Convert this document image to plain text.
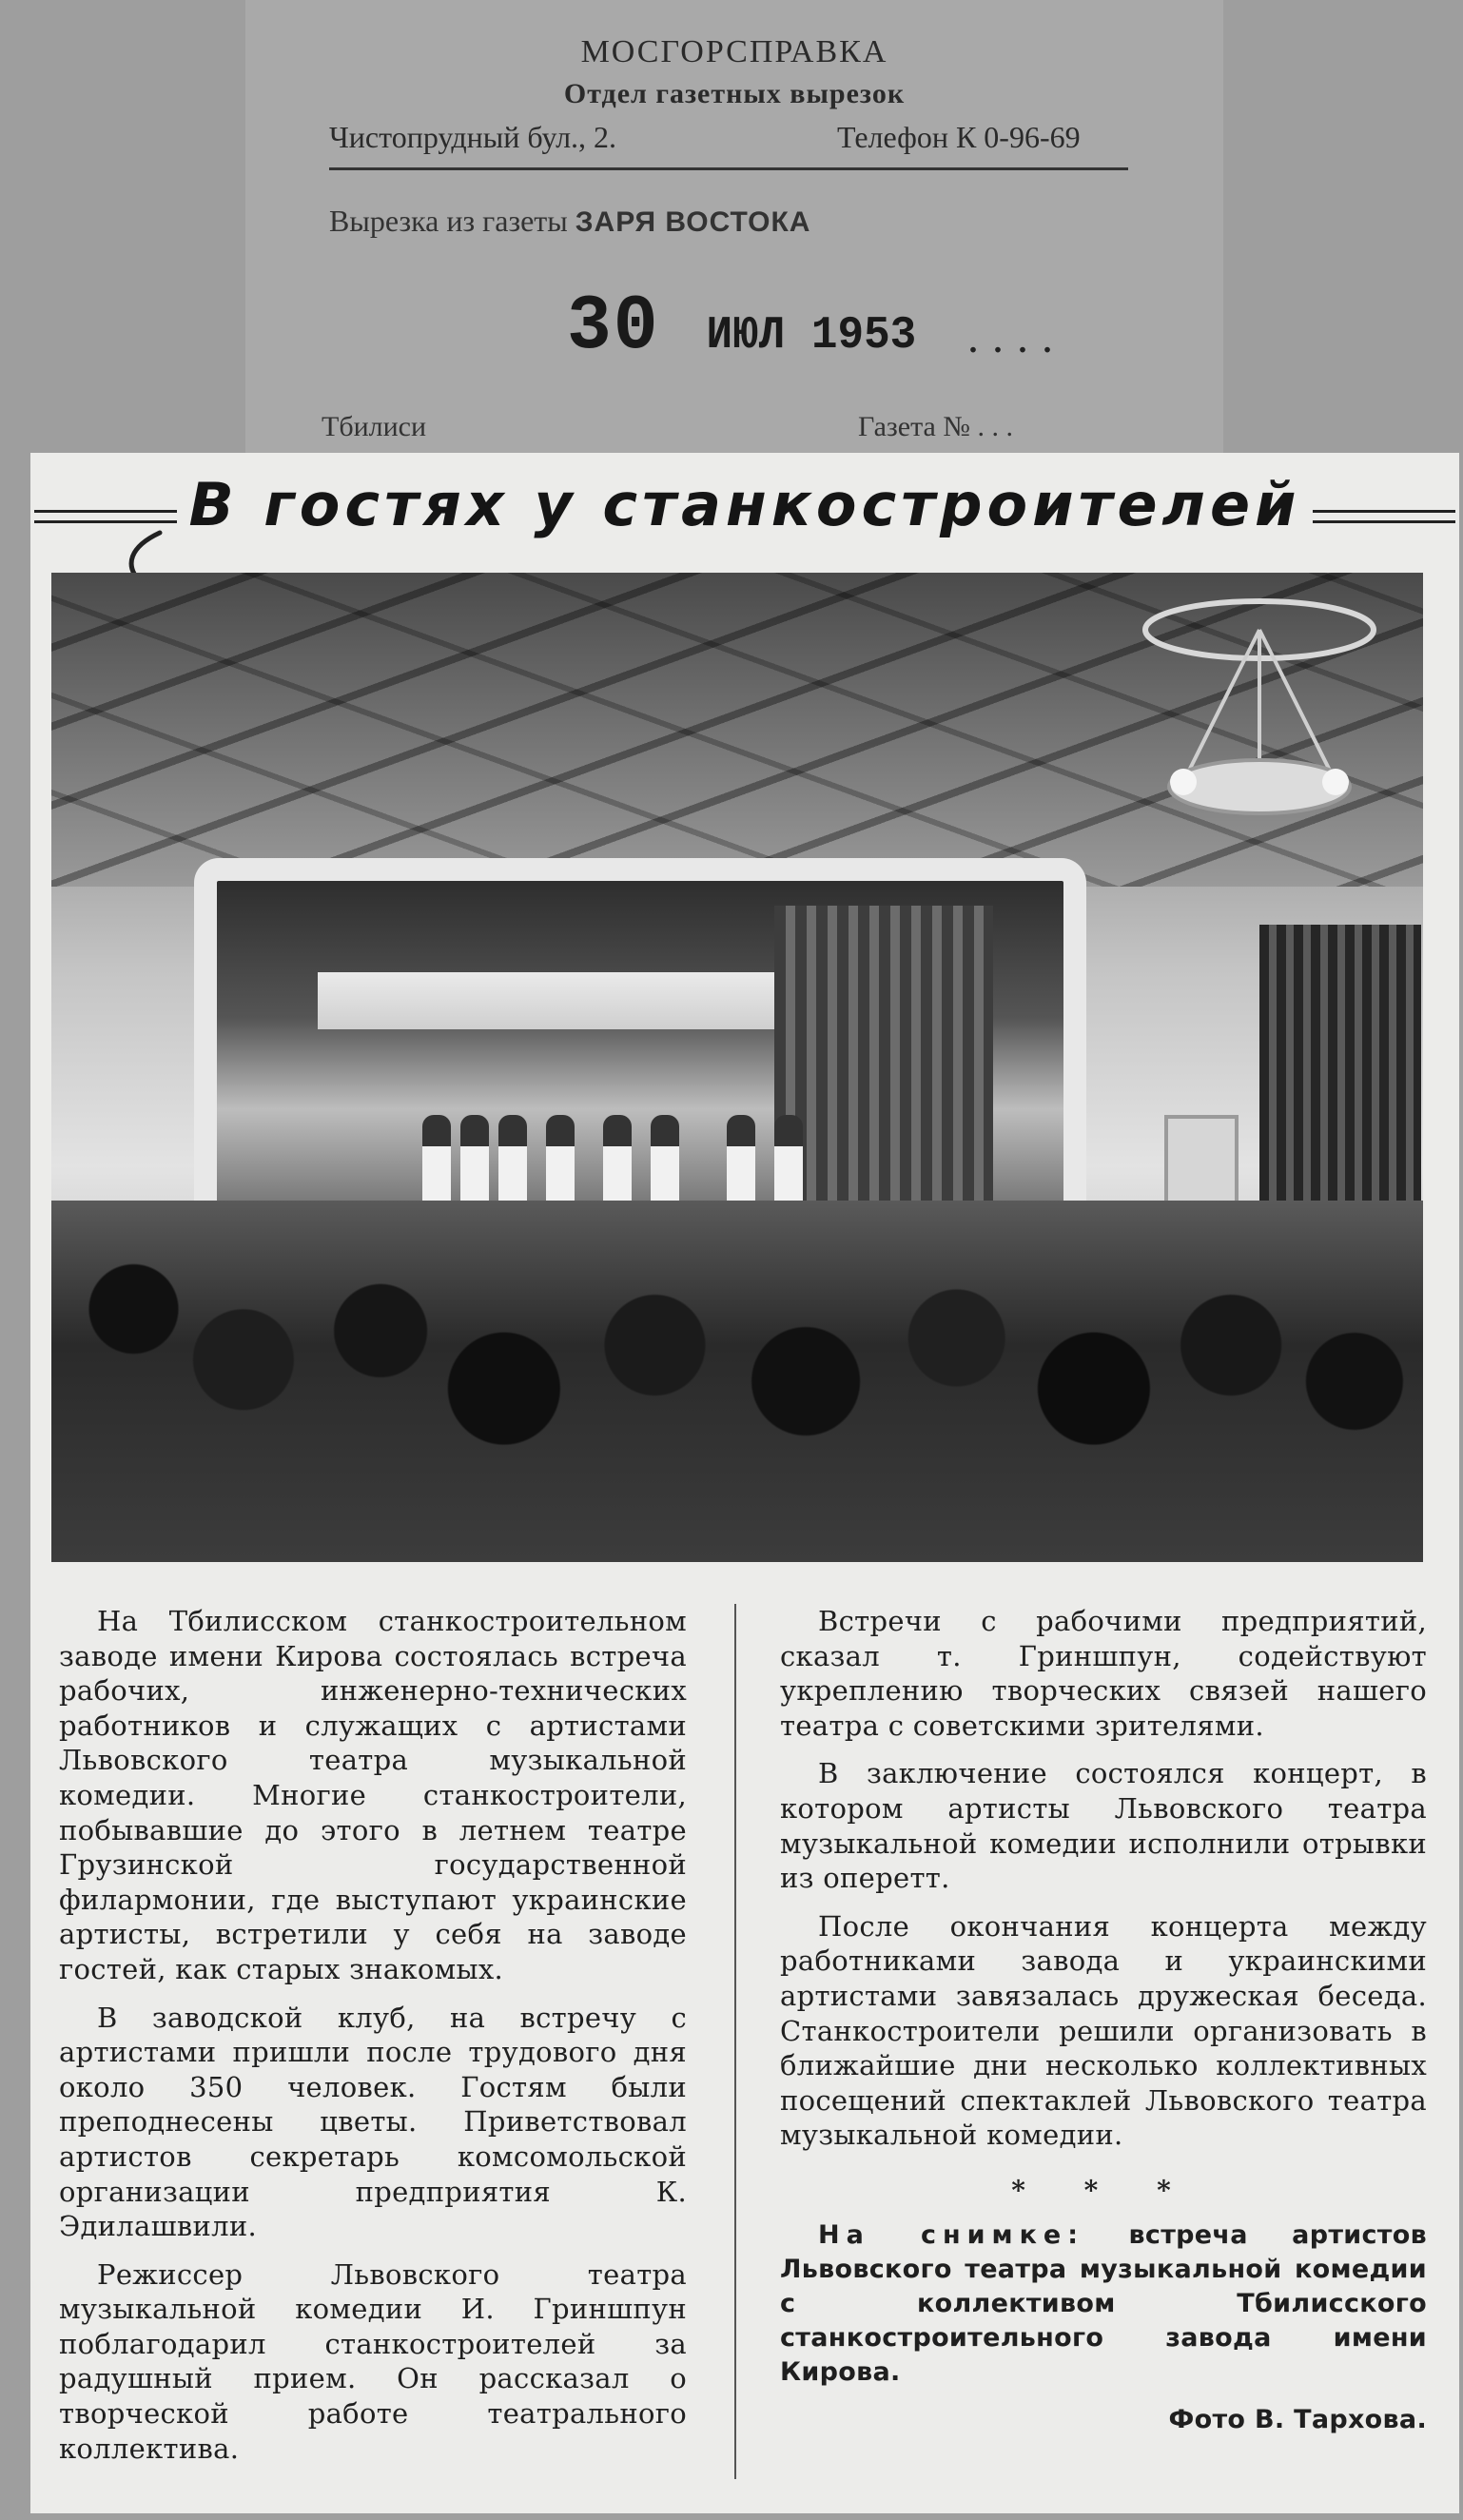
МОСГОРСПРАВКА
Отдел газетных вырезок
Чистопрудный бул., 2.	Телефон К 0-96-69
Вырезка из газеты ЗАРЯ ВОСТОКА
30 ИЮЛ 1953 ....
Тбилиси	Газета № . . .
В гостях у станкостроителей

На Тбилисском станкостроительном заводе имени Кирова состоялась встреча рабочих, инженерно-технических работников и служащих с артистами Львовского театра музыкальной комедии. Многие станкостроители, побывавшие до этого в летнем театре Грузинской государственной филармонии, где выступают украинские артисты, встретили у себя на заводе гостей, как старых знакомых.

В заводской клуб, на встречу с артистами пришли после трудового дня около 350 человек. Гостям были преподнесены цветы. Приветствовал артистов секретарь комсомольской организации предприятия К. Эдилашвили.

Режиссер Львовского театра музыкальной комедии И. Гриншпун поблагодарил станкостроителей за радушный прием. Он рассказал о творческой работе театрального коллектива.

Встречи с рабочими предприятий, сказал т. Гриншпун, содействуют укреплению творческих связей нашего театра с советскими зрителями.

В заключение состоялся концерт, в котором артисты Львовского театра музыкальной комедии исполнили отрывки из оперетт.

После окончания концерта между работниками завода и украинскими артистами завязалась дружеская беседа. Станкостроители решили организовать в ближайшие дни несколько коллективных посещений спектаклей Львовского театра музыкальной комедии.

* * *

На снимке: встреча артистов Львовского театра музыкальной комедии с коллективом Тбилисского станкостроительного завода имени Кирова.

Фото В. Тархова.
